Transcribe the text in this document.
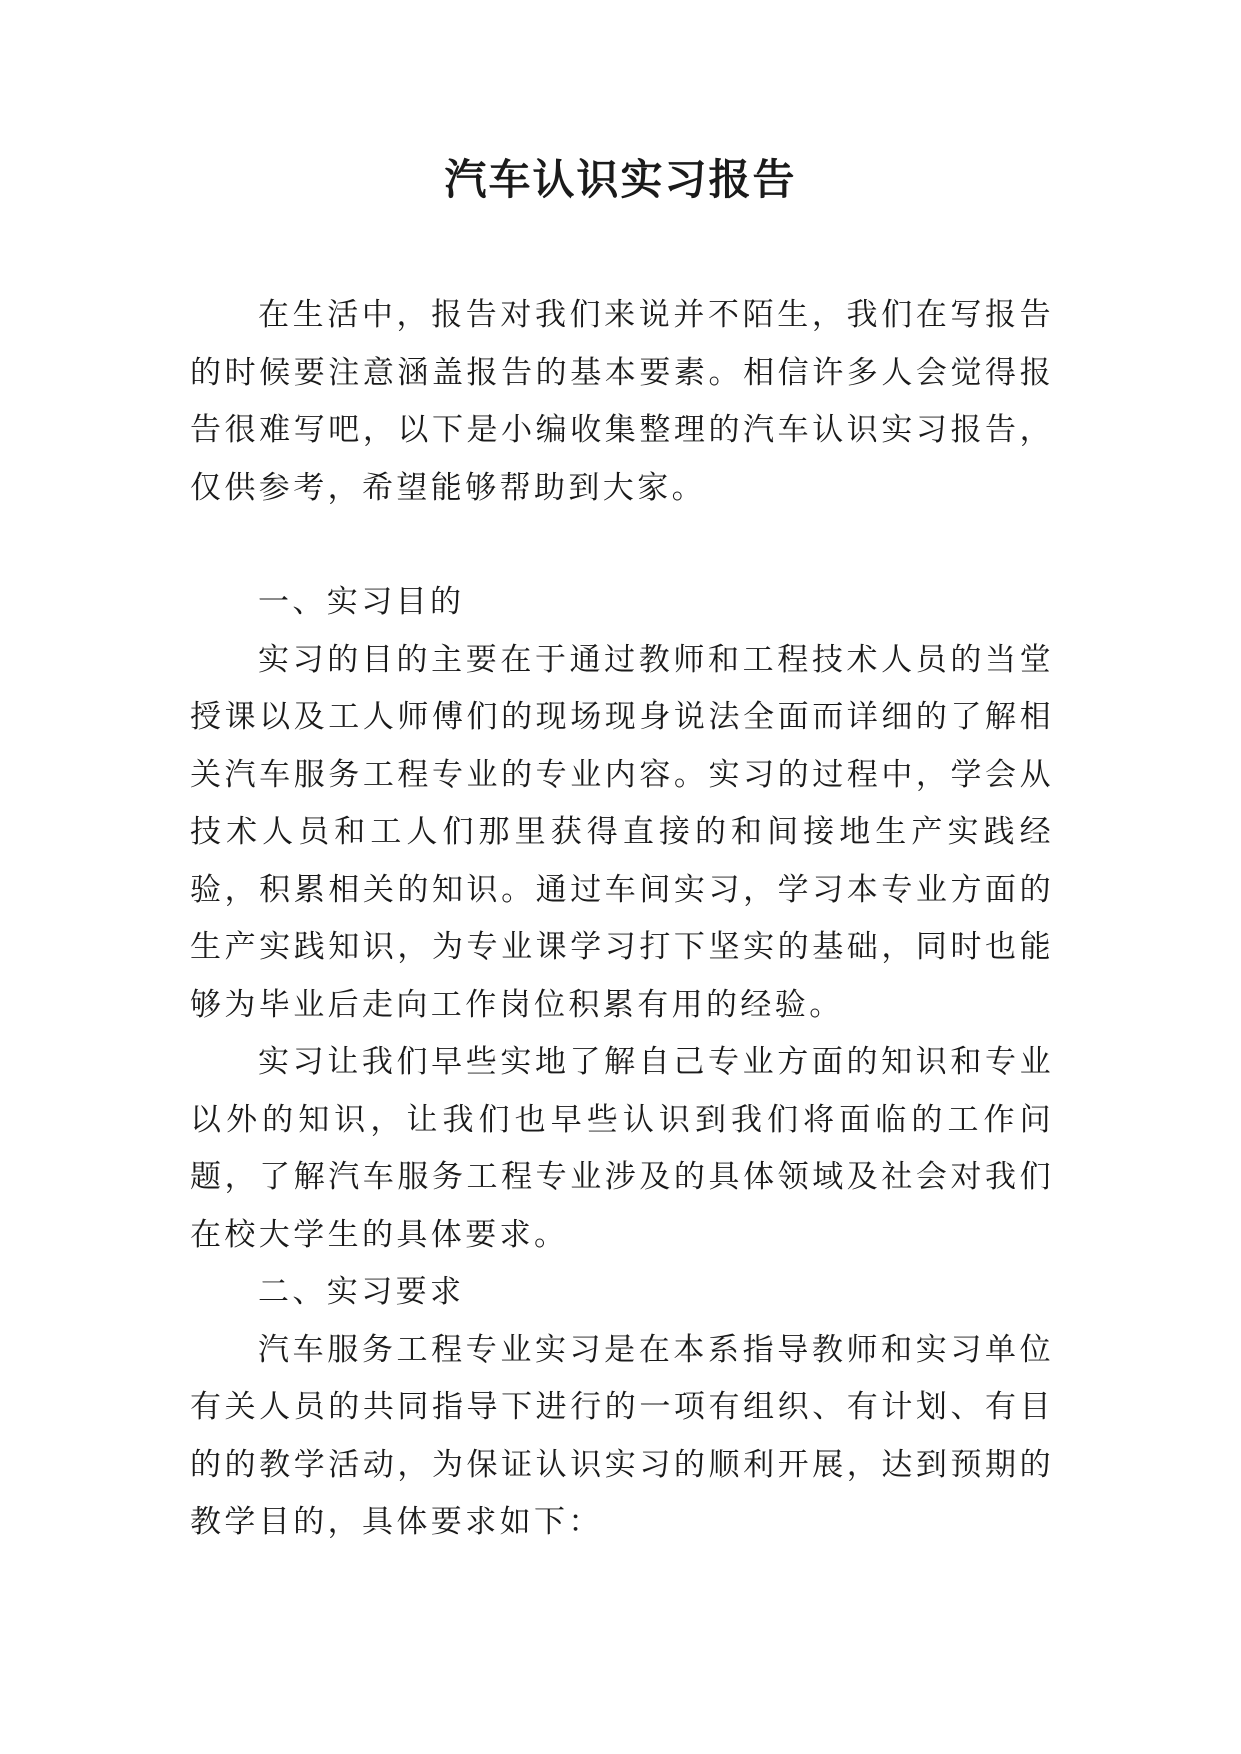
汽车认识实习报告

在生活中，报告对我们来说并不陌生，我们在写报告的时候要注意涵盖报告的基本要素。相信许多人会觉得报告很难写吧，以下是小编收集整理的汽车认识实习报告，仅供参考，希望能够帮助到大家。

一、实习目的

实习的目的主要在于通过教师和工程技术人员的当堂授课以及工人师傅们的现场现身说法全面而详细的了解相关汽车服务工程专业的专业内容。实习的过程中，学会从技术人员和工人们那里获得直接的和间接地生产实践经验，积累相关的知识。通过车间实习，学习本专业方面的生产实践知识，为专业课学习打下坚实的基础，同时也能够为毕业后走向工作岗位积累有用的经验。

实习让我们早些实地了解自己专业方面的知识和专业以外的知识，让我们也早些认识到我们将面临的工作问题，了解汽车服务工程专业涉及的具体领域及社会对我们在校大学生的具体要求。

二、实习要求

汽车服务工程专业实习是在本系指导教师和实习单位有关人员的共同指导下进行的一项有组织、有计划、有目的的教学活动，为保证认识实习的顺利开展，达到预期的教学目的，具体要求如下：
